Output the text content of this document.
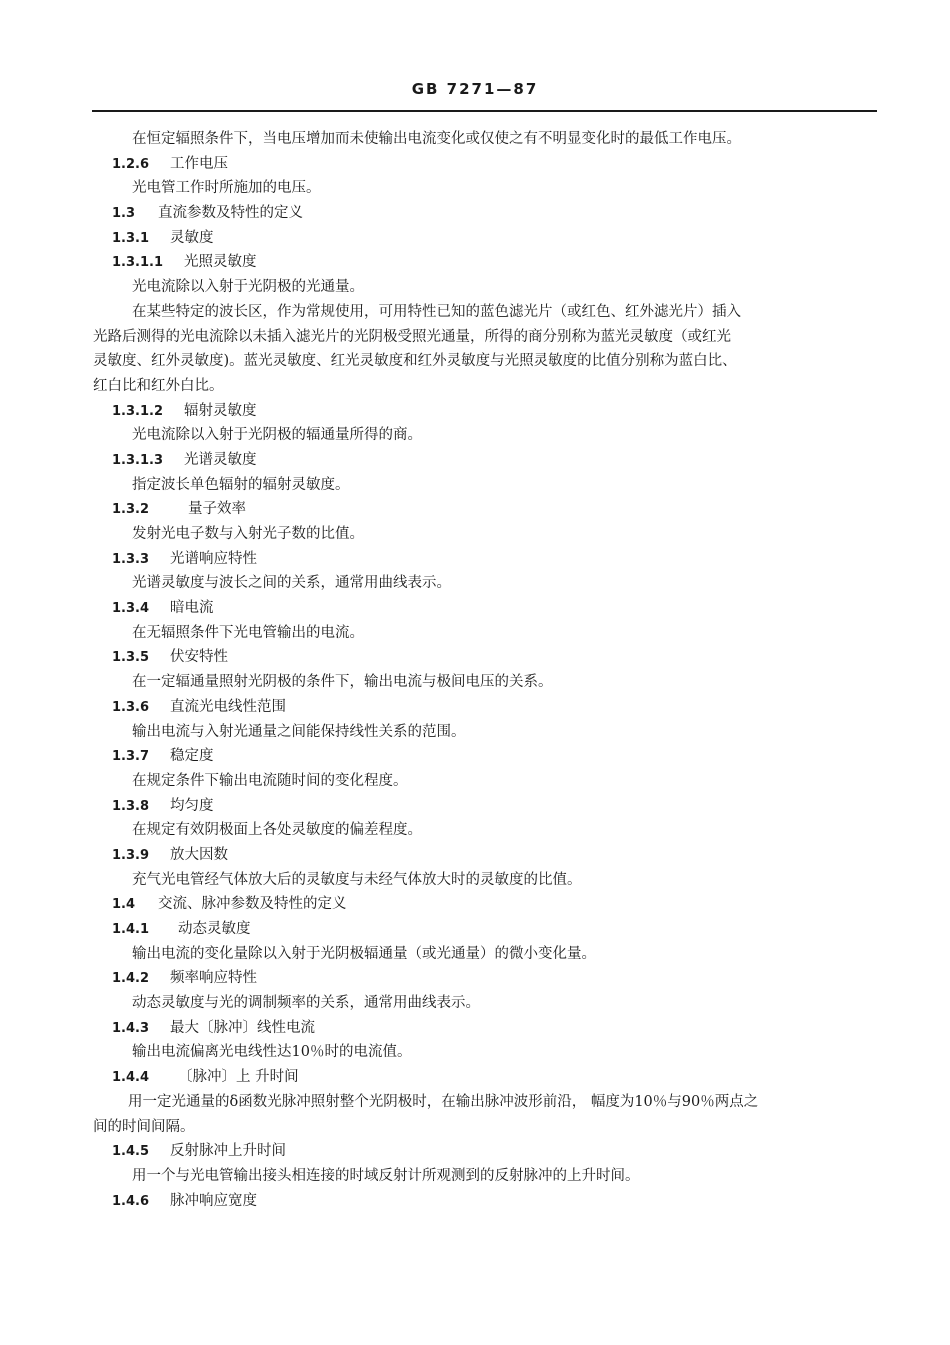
GB 7271—87
在恒定辐照条件下，当电压增加而未使输出电流变化或仅使之有不明显变化时的最低工作电压。
1.2.6 工作电压
光电管工作时所施加的电压。
1.3 直流参数及特性的定义
1.3.1 灵敏度
1.3.1.1 光照灵敏度
光电流除以入射于光阴极的光通量。
在某些特定的波长区，作为常规使用，可用特性已知的蓝色滤光片（或红色、红外滤光片）插入
光路后测得的光电流除以未插入滤光片的光阴极受照光通量，所得的商分别称为蓝光灵敏度（或红光
灵敏度、红外灵敏度)。蓝光灵敏度、红光灵敏度和红外灵敏度与光照灵敏度的比值分别称为蓝白比、
红白比和红外白比。
1.3.1.2 辐射灵敏度
光电流除以入射于光阴极的辐通量所得的商。
1.3.1.3 光谱灵敏度
指定波长单色辐射的辐射灵敏度。
1.3.2	量子效率
发射光电子数与入射光子数的比值。
1.3.3 光谱响应特性
光谱灵敏度与波长之间的关系，通常用曲线表示。
1.3.4 暗电流
在无辐照条件下光电管输出的电流。
1.3.5 伏安特性
在一定辐通量照射光阴极的条件下，输出电流与极间电压的关系。
1.3.6 直流光电线性范围
输出电流与入射光通量之间能保持线性关系的范围。
1.3.7 稳定度
在规定条件下输出电流随时间的变化程度。
1.3.8 均匀度
在规定有效阴极面上各处灵敏度的偏差程度。
1.3.9 放大因数
充气光电管经气体放大后的灵敏度与未经气体放大时的灵敏度的比值。
1.4 交流、脉冲参数及特性的定义
1.4.1 动态灵敏度
输出电流的变化量除以入射于光阴极辐通量（或光通量）的微小变化量。
1.4.2 频率响应特性
动态灵敏度与光的调制频率的关系，通常用曲线表示。
1.4.3 最大〔脉冲〕线性电流
输出电流偏离光电线性达10％时的电流值。
1.4.4 〔脉冲〕上 升时间
用一定光通量的δ函数光脉冲照射整个光阴极时，在输出脉冲波形前沿， 幅度为10％与90％两点之
间的时间间隔。
1.4.5 反射脉冲上升时间
用一个与光电管输出接头相连接的时域反射计所观测到的反射脉冲的上升时间。
1.4.6 脉冲响应宽度
